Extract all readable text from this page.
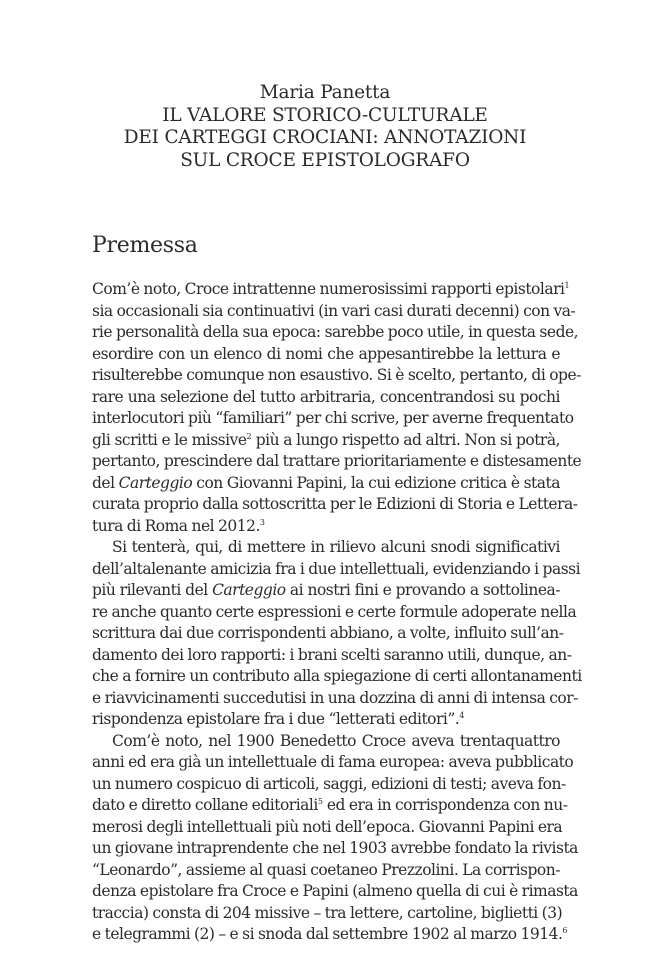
Maria Panetta
IL VALORE STORICO-CULTURALE
DEI CARTEGGI CROCIANI: ANNOTAZIONI
SUL CROCE EPISTOLOGRAFO
Premessa
Com’è noto, Croce intrattenne numerosissimi rapporti epistolari$^1$
sia occasionali sia continuativi (in vari casi durati decenni) con va-
rie personalità della sua epoca: sarebbe poco utile, in questa sede,
esordire con un elenco di nomi che appesantirebbe la lettura e
risulterebbe comunque non esaustivo. Si è scelto, pertanto, di ope-
rare una selezione del tutto arbitraria, concentrandosi su pochi
interlocutori più “familiari” per chi scrive, per averne frequentato
gli scritti e le missive$^2$ più a lungo rispetto ad altri. Non si potrà,
pertanto, prescindere dal trattare prioritariamente e distesamente
del Carteggio con Giovanni Papini, la cui edizione critica è stata
curata proprio dalla sottoscritta per le Edizioni di Storia e Lettera-
tura di Roma nel 2012.$^3$
Si tenterà, qui, di mettere in rilievo alcuni snodi significativi
dell’altalenante amicizia fra i due intellettuali, evidenziando i passi
più rilevanti del Carteggio ai nostri fini e provando a sottolinea-
re anche quanto certe espressioni e certe formule adoperate nella
scrittura dai due corrispondenti abbiano, a volte, influito sull’an-
damento dei loro rapporti: i brani scelti saranno utili, dunque, an-
che a fornire un contributo alla spiegazione di certi allontanamenti
e riavvicinamenti succedutisi in una dozzina di anni di intensa cor-
rispondenza epistolare fra i due “letterati editori”.$^4$
Com’è noto, nel 1900 Benedetto Croce aveva trentaquattro
anni ed era già un intellettuale di fama europea: aveva pubblicato
un numero cospicuo di articoli, saggi, edizioni di testi; aveva fon-
dato e diretto collane editoriali$^5$ ed era in corrispondenza con nu-
merosi degli intellettuali più noti dell’epoca. Giovanni Papini era
un giovane intraprendente che nel 1903 avrebbe fondato la rivista
“Leonardo”, assieme al quasi coetaneo Prezzolini. La corrispon-
denza epistolare fra Croce e Papini (almeno quella di cui è rimasta
traccia) consta di 204 missive – tra lettere, cartoline, biglietti (3)
e telegrammi (2) – e si snoda dal settembre 1902 al marzo 1914.$^6$
